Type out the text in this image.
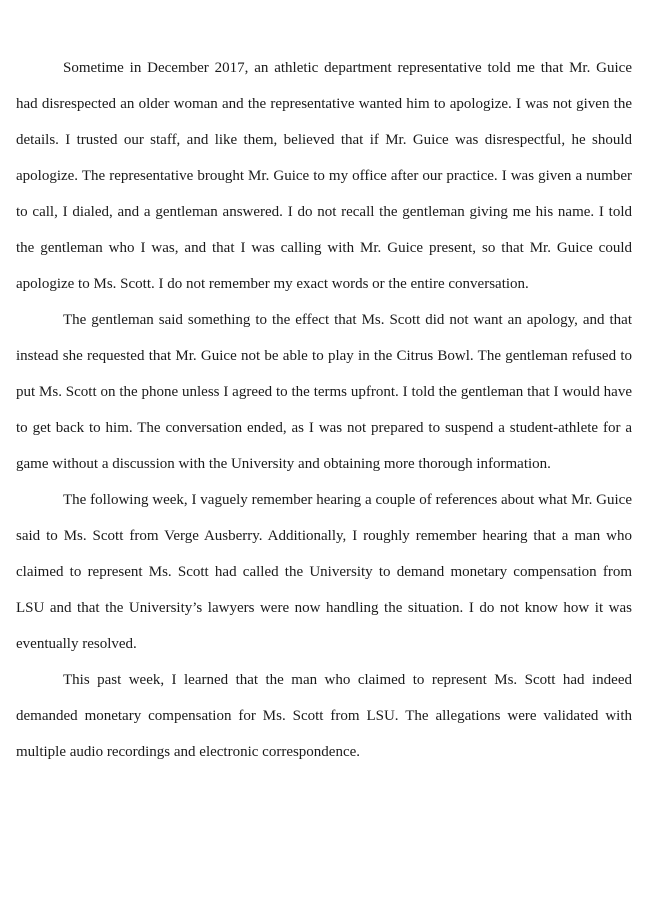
Sometime in December 2017, an athletic department representative told me that Mr. Guice had disrespected an older woman and the representative wanted him to apologize. I was not given the details. I trusted our staff, and like them, believed that if Mr. Guice was disrespectful, he should apologize. The representative brought Mr. Guice to my office after our practice. I was given a number to call, I dialed, and a gentleman answered. I do not recall the gentleman giving me his name. I told the gentleman who I was, and that I was calling with Mr. Guice present, so that Mr. Guice could apologize to Ms. Scott. I do not remember my exact words or the entire conversation.

The gentleman said something to the effect that Ms. Scott did not want an apology, and that instead she requested that Mr. Guice not be able to play in the Citrus Bowl. The gentleman refused to put Ms. Scott on the phone unless I agreed to the terms upfront. I told the gentleman that I would have to get back to him. The conversation ended, as I was not prepared to suspend a student-athlete for a game without a discussion with the University and obtaining more thorough information.

The following week, I vaguely remember hearing a couple of references about what Mr. Guice said to Ms. Scott from Verge Ausberry. Additionally, I roughly remember hearing that a man who claimed to represent Ms. Scott had called the University to demand monetary compensation from LSU and that the University’s lawyers were now handling the situation. I do not know how it was eventually resolved.

This past week, I learned that the man who claimed to represent Ms. Scott had indeed demanded monetary compensation for Ms. Scott from LSU. The allegations were validated with multiple audio recordings and electronic correspondence.
